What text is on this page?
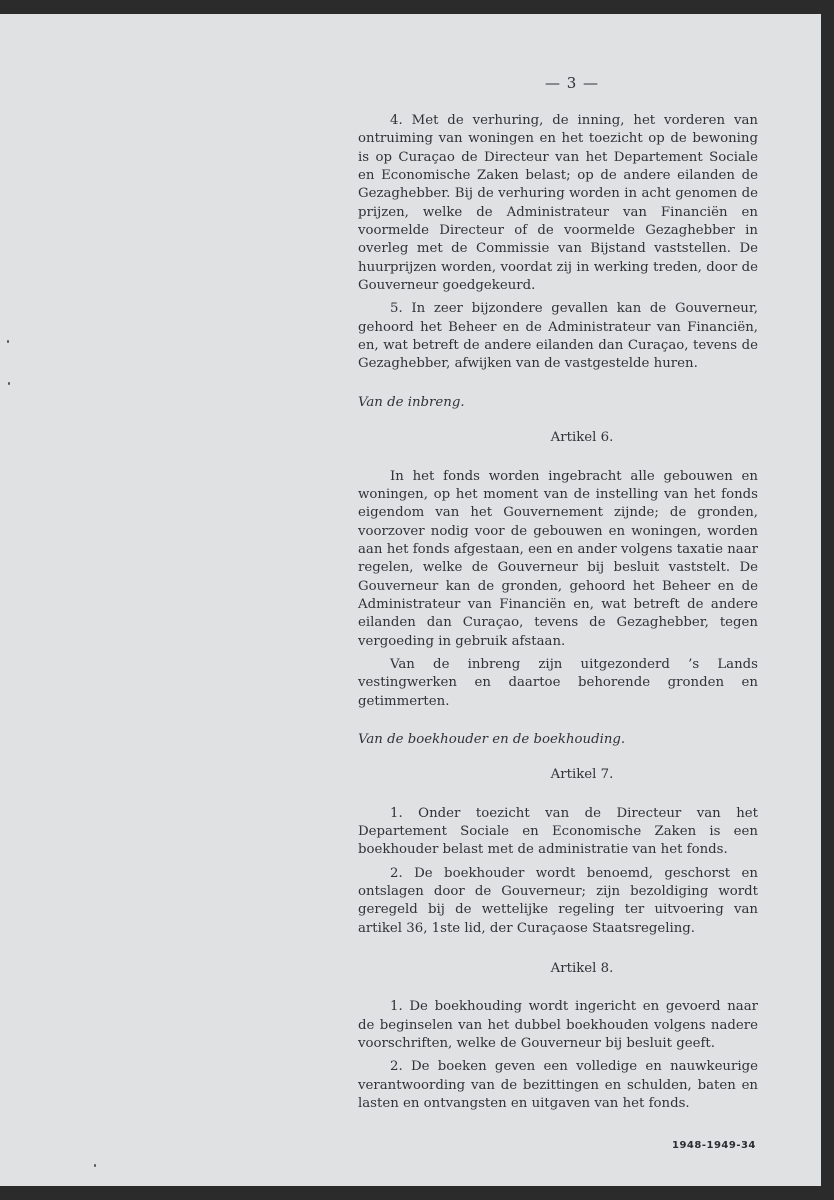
— 3 —

4. Met de verhuring, de inning, het vorderen van ontruiming van woningen en het toezicht op de bewoning is op Curaçao de Directeur van het Departement Sociale en Economische Zaken belast; op de andere eilanden de Gezaghebber. Bij de verhuring worden in acht genomen de prijzen, welke de Administrateur van Financiën en voormelde Directeur of de voormelde Gezaghebber in overleg met de Commissie van Bijstand vaststellen. De huurprijzen worden, voordat zij in werking treden, door de Gouverneur goedgekeurd.

5. In zeer bijzondere gevallen kan de Gouverneur, gehoord het Beheer en de Administrateur van Financiën, en, wat betreft de andere eilanden dan Curaçao, tevens de Gezaghebber, afwijken van de vastgestelde huren.

Van de inbreng.
Artikel 6.

In het fonds worden ingebracht alle gebouwen en woningen, op het moment van de instelling van het fonds eigendom van het Gouvernement zijnde; de gronden, voorzover nodig voor de gebouwen en woningen, worden aan het fonds afgestaan, een en ander volgens taxatie naar regelen, welke de Gouverneur bij besluit vaststelt. De Gouverneur kan de gronden, gehoord het Beheer en de Administrateur van Financiën en, wat betreft de andere eilanden dan Curaçao, tevens de Gezaghebber, tegen vergoeding in gebruik afstaan.

Van de inbreng zijn uitgezonderd ’s Lands vestingwerken en daartoe behorende gronden en getimmerten.

Van de boekhouder en de boekhouding.
Artikel 7.

1. Onder toezicht van de Directeur van het Departement Sociale en Economische Zaken is een boekhouder belast met de administratie van het fonds.

2. De boekhouder wordt benoemd, geschorst en ontslagen door de Gouverneur; zijn bezoldiging wordt geregeld bij de wettelijke regeling ter uitvoering van artikel 36, 1ste lid, der Curaçaose Staatsregeling.

Artikel 8.

1. De boekhouding wordt ingericht en gevoerd naar de beginselen van het dubbel boekhouden volgens nadere voorschriften, welke de Gouverneur bij besluit geeft.

2. De boeken geven een volledige en nauwkeurige verantwoording van de bezittingen en schulden, baten en lasten en ontvangsten en uitgaven van het fonds.

1948-1949-34
